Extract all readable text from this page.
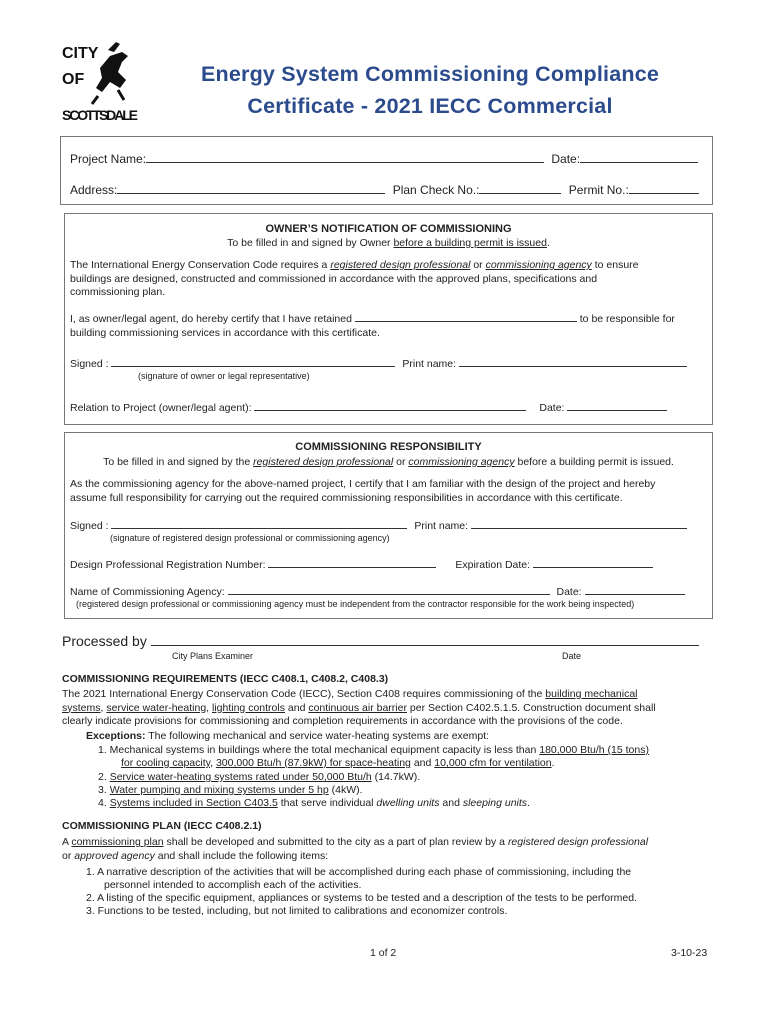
CITY
OF
SCOTTSDALE
Energy System Commissioning Compliance
Certificate - 2021 IECC Commercial
Project Name:	Date:
Address:	Plan Check No.:	Permit No.:
OWNER’S NOTIFICATION OF COMMISSIONING
To be filled in and signed by Owner before a building permit is issued.
The International Energy Conservation Code requires a registered design professional or commissioning agency to ensure
buildings are designed, constructed and commissioned in accordance with the approved plans, specifications and
commissioning plan.
I, as owner/legal agent, do hereby certify that I have retained	to be responsible for
building commissioning services in accordance with this certificate.
Signed :	Print name:
(signature of owner or legal representative)
Relation to Project (owner/legal agent):	Date:
COMMISSIONING RESPONSIBILITY
To be filled in and signed by the registered design professional or commissioning agency before a building permit is issued.
As the commissioning agency for the above-named project, I certify that I am familiar with the design of the project and hereby
assume full responsibility for carrying out the required commissioning responsibilities in accordance with this certificate.
Signed :	Print name:
(signature of registered design professional or commissioning agency)
Design Professional Registration Number:	Expiration Date:
Name of Commissioning Agency:	Date:
(registered design professional or commissioning agency must be independent from the contractor responsible for the work being inspected)
Processed by
City Plans Examiner	Date
COMMISSIONING REQUIREMENTS (IECC C408.1, C408.2, C408.3)
The 2021 International Energy Conservation Code (IECC), Section C408 requires commissioning of the building mechanical
systems, service water-heating, lighting controls and continuous air barrier per Section C402.5.1.5. Construction document shall
clearly indicate provisions for commissioning and completion requirements in accordance with the provisions of the code.
Exceptions: The following mechanical and service water-heating systems are exempt:
1. Mechanical systems in buildings where the total mechanical equipment capacity is less than 180,000 Btu/h (15 tons)
for cooling capacity, 300,000 Btu/h (87.9kW) for space-heating and 10,000 cfm for ventilation.
2. Service water-heating systems rated under 50,000 Btu/h (14.7kW).
3. Water pumping and mixing systems under 5 hp (4kW).
4. Systems included in Section C403.5 that serve individual dwelling units and sleeping units.
COMMISSIONING PLAN (IECC C408.2.1)
A commissioning plan shall be developed and submitted to the city as a part of plan review by a registered design professional
or approved agency and shall include the following items:
1. A narrative description of the activities that will be accomplished during each phase of commissioning, including the
personnel intended to accomplish each of the activities.
2. A listing of the specific equipment, appliances or systems to be tested and a description of the tests to be performed.
3. Functions to be tested, including, but not limited to calibrations and economizer controls.
1 of 2	3-10-23
